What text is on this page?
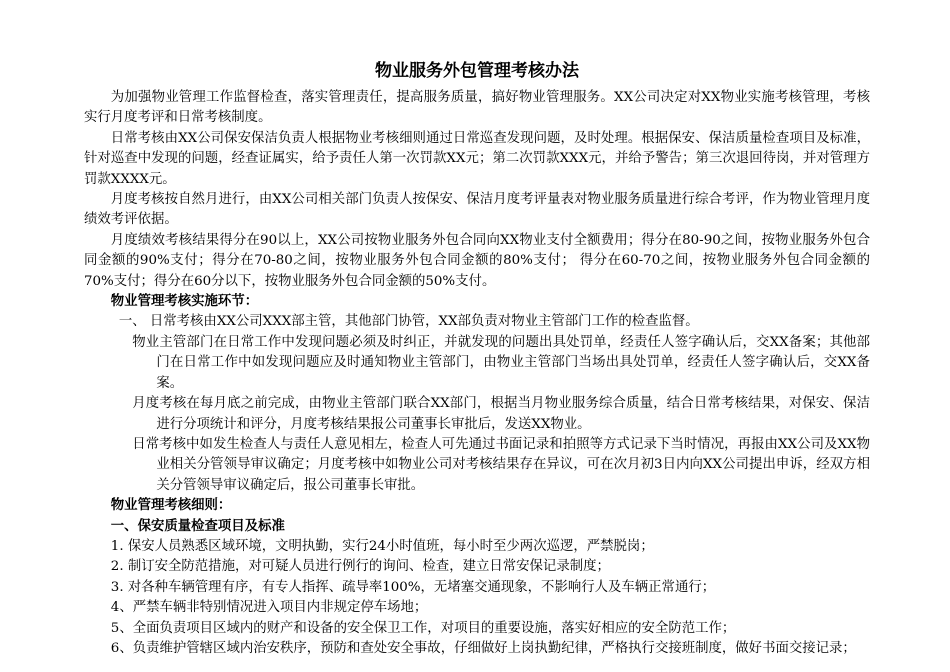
物业服务外包管理考核办法

为加强物业管理工作监督检查，落实管理责任，提高服务质量，搞好物业管理服务。XX公司决定对XX物业实施考核管理，考核实行月度考评和日常考核制度。

日常考核由XX公司保安保洁负责人根据物业考核细则通过日常巡查发现问题，及时处理。根据保安、保洁质量检查项目及标准，针对巡查中发现的问题，经查证属实，给予责任人第一次罚款XX元；第二次罚款XXX元，并给予警告；第三次退回待岗，并对管理方罚款XXXX元。

月度考核按自然月进行，由XX公司相关部门负责人按保安、保洁月度考评量表对物业服务质量进行综合考评，作为物业管理月度绩效考评依据。

月度绩效考核结果得分在90以上，XX公司按物业服务外包合同向XX物业支付全额费用；得分在80-90之间，按物业服务外包合同金额的90%支付；得分在70-80之间，按物业服务外包合同金额的80%支付； 得分在60-70之间，按物业服务外包合同金额的70%支付；得分在60分以下，按物业服务外包合同金额的50%支付。

物业管理考核实施环节：

一、 日常考核由XX公司XXX部主管，其他部门协管，XX部负责对物业主管部门工作的检查监督。

物业主管部门在日常工作中发现问题必须及时纠正，并就发现的问题出具处罚单，经责任人签字确认后，交XX备案；其他部门在日常工作中如发现问题应及时通知物业主管部门，由物业主管部门当场出具处罚单，经责任人签字确认后，交XX备案。

月度考核在每月底之前完成，由物业主管部门联合XX部门，根据当月物业服务综合质量，结合日常考核结果，对保安、保洁进行分项统计和评分，月度考核结果报公司董事长审批后，发送XX物业。

日常考核中如发生检查人与责任人意见相左，检查人可先通过书面记录和拍照等方式记录下当时情况，再报由XX公司及XX物业相关分管领导审议确定；月度考核中如物业公司对考核结果存在异议，可在次月初3日内向XX公司提出申诉，经双方相关分管领导审议确定后，报公司董事长审批。

物业管理考核细则：

一、保安质量检查项目及标准

1. 保安人员熟悉区域环境，文明执勤，实行24小时值班，每小时至少两次巡逻，严禁脱岗；

2. 制订安全防范措施，对可疑人员进行例行的询问、检查，建立日常安保记录制度；

3. 对各种车辆管理有序，有专人指挥、疏导率100%，无堵塞交通现象，不影响行人及车辆正常通行；

4、严禁车辆非特别情况进入项目内非规定停车场地；

5、全面负责项目区域内的财产和设备的安全保卫工作，对项目的重要设施，落实好相应的安全防范工作；

6、负责维护管辖区域内治安秩序，预防和查处安全事故，仔细做好上岗执勤纪律，严格执行交接班制度，做好书面交接记录；
